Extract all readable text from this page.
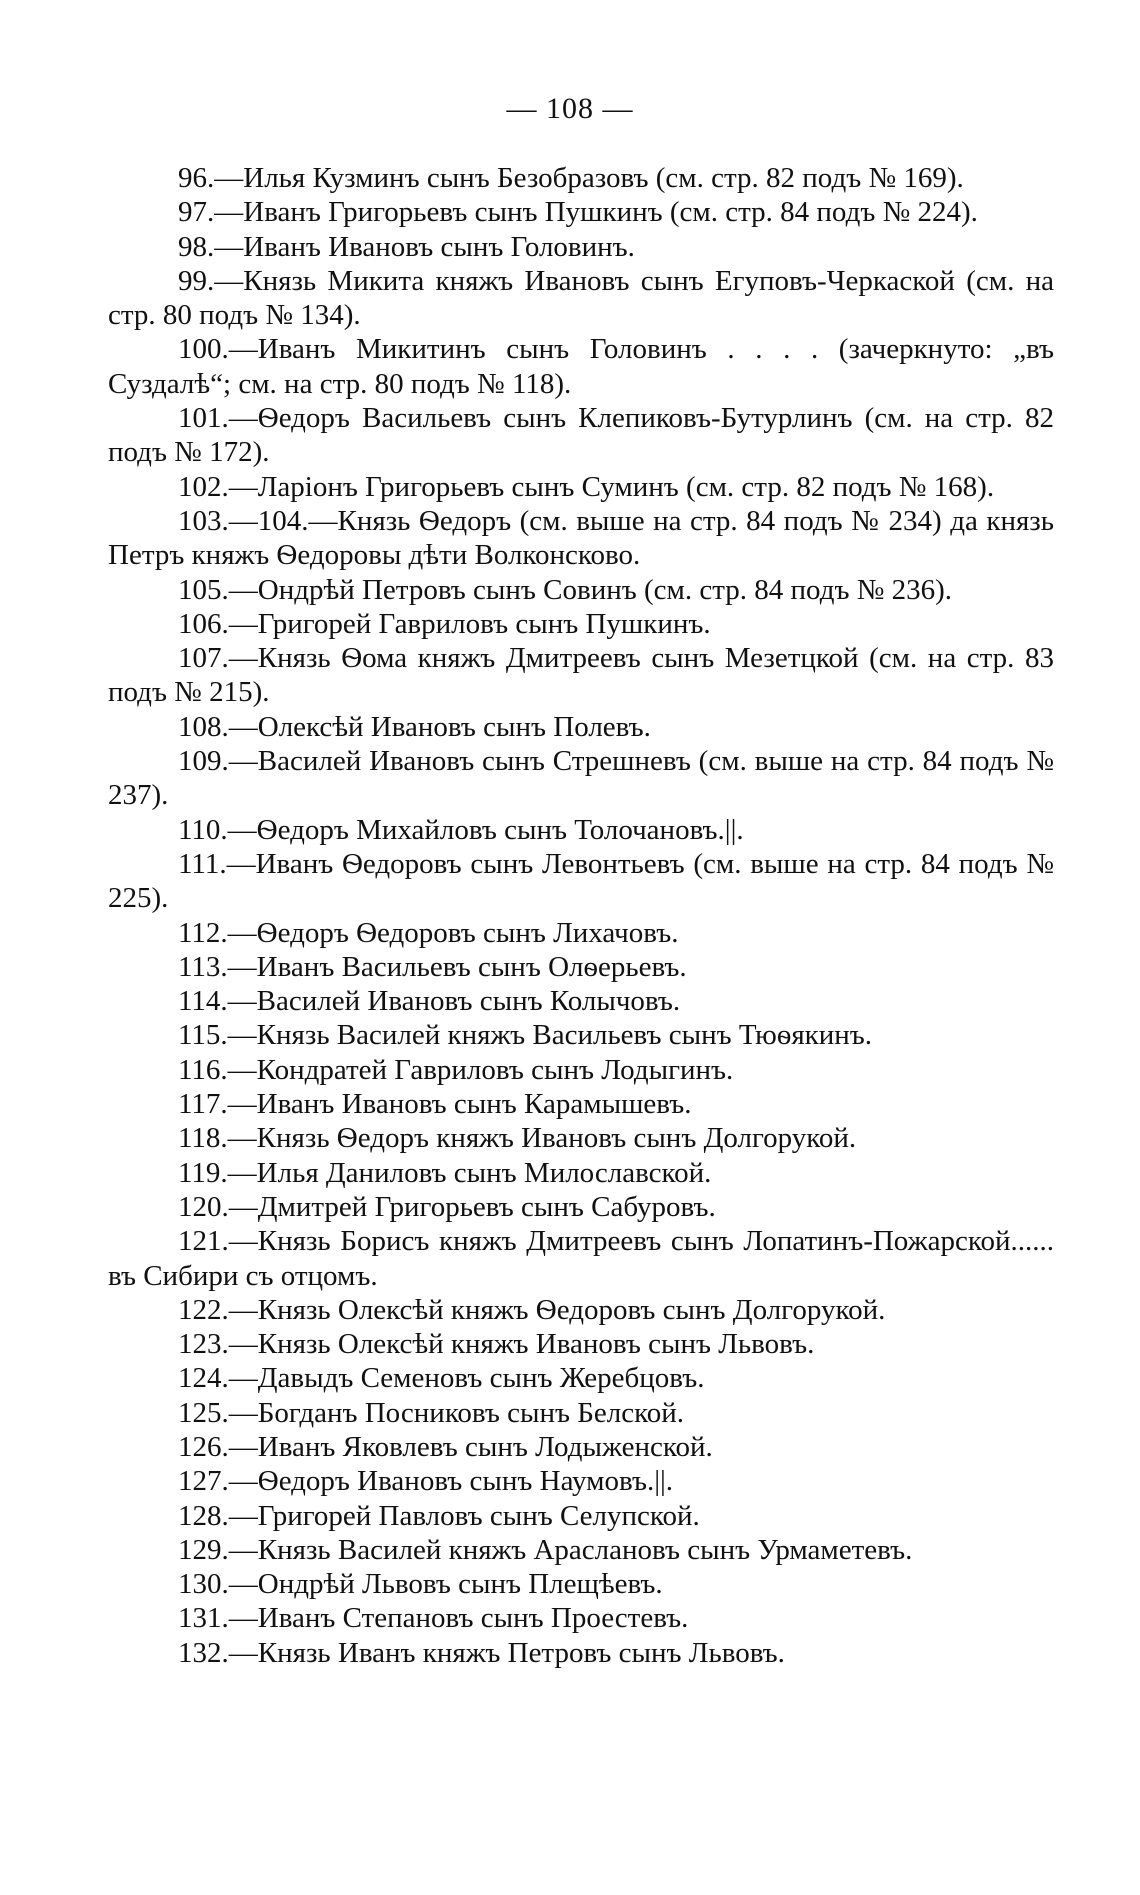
— 108 —

96.—Илья Кузминъ сынъ Безобразовъ (см. стр. 82 подъ № 169).

97.—Иванъ Григорьевъ сынъ Пушкинъ (см. стр. 84 подъ № 224).

98.—Иванъ Ивановъ сынъ Головинъ.

99.—Князь Микита княжъ Ивановъ сынъ Егуповъ-Черкаской (см. на стр. 80 подъ № 134).

100.—Иванъ Микитинъ сынъ Головинъ . . . . (зачеркнуто: „въ Суздалѣ“; см. на стр. 80 подъ № 118).

101.—Ѳедоръ Васильевъ сынъ Клепиковъ-Бутурлинъ (см. на стр. 82 подъ № 172).

102.—Ларіонъ Григорьевъ сынъ Суминъ (см. стр. 82 подъ № 168).

103.—104.—Князь Ѳедоръ (см. выше на стр. 84 подъ № 234) да князь Петръ княжъ Ѳедоровы дѣти Волконсково.

105.—Ондрѣй Петровъ сынъ Совинъ (см. стр. 84 подъ № 236).

106.—Григорей Гавриловъ сынъ Пушкинъ.

107.—Князь Ѳома княжъ Дмитреевъ сынъ Мезетцкой (см. на стр. 83 подъ № 215).

108.—Олексѣй Ивановъ сынъ Полевъ.

109.—Василей Ивановъ сынъ Стрешневъ (см. выше на стр. 84 подъ № 237).

110.—Ѳедоръ Михайловъ сынъ Толочановъ.||.

111.—Иванъ Ѳедоровъ сынъ Левонтьевъ (см. выше на стр. 84 подъ № 225).

112.—Ѳедоръ Ѳедоровъ сынъ Лихачовъ.

113.—Иванъ Васильевъ сынъ Олѳерьевъ.

114.—Василей Ивановъ сынъ Колычовъ.

115.—Князь Василей княжъ Васильевъ сынъ Тюѳякинъ.

116.—Кондратей Гавриловъ сынъ Лодыгинъ.

117.—Иванъ Ивановъ сынъ Карамышевъ.

118.—Князь Ѳедоръ княжъ Ивановъ сынъ Долгорукой.

119.—Илья Даниловъ сынъ Милославской.

120.—Дмитрей Григорьевъ сынъ Сабуровъ.

121.—Князь Борисъ княжъ Дмитреевъ сынъ Лопатинъ-Пожарской...... въ Сибири съ отцомъ.

122.—Князь Олексѣй княжъ Ѳедоровъ сынъ Долгорукой.

123.—Князь Олексѣй княжъ Ивановъ сынъ Львовъ.

124.—Давыдъ Семеновъ сынъ Жеребцовъ.

125.—Богданъ Посниковъ сынъ Белской.

126.—Иванъ Яковлевъ сынъ Лодыженской.

127.—Ѳедоръ Ивановъ сынъ Наумовъ.||.

128.—Григорей Павловъ сынъ Селупской.

129.—Князь Василей княжъ Арaслановъ сынъ Урмаметевъ.

130.—Ондрѣй Львовъ сынъ Плещѣевъ.

131.—Иванъ Степановъ сынъ Проестевъ.

132.—Князь Иванъ княжъ Петровъ сынъ Львовъ.
